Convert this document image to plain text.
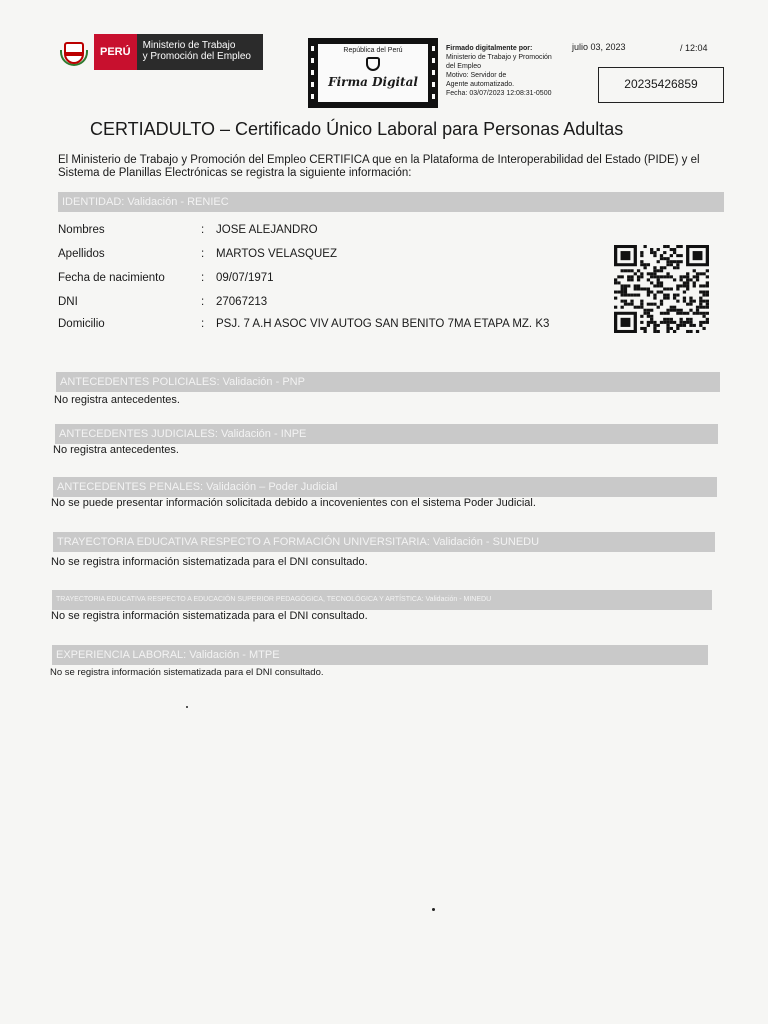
PERÚ
Ministerio de Trabajo
y Promoción del Empleo
República del Perú
Firma Digital
Firmado digitalmente por:
Ministerio de Trabajo y Promoción
del Empleo
Motivo: Servidor de
Agente automatizado.
Fecha: 03/07/2023 12:08:31-0500
julio 03, 2023	/ 12:04
20235426859
CERTIADULTO – Certificado Único Laboral para Personas Adultas
El Ministerio de Trabajo y Promoción del Empleo CERTIFICA que en la Plataforma de Interoperabilidad del Estado (PIDE) y el Sistema de Planillas Electrónicas se registra la siguiente información:
IDENTIDAD: Validación - RENIEC
Nombres	: JOSE ALEJANDRO
Apellidos	: MARTOS VELASQUEZ
Fecha de nacimiento	: 09/07/1971
DNI	: 27067213
Domicilio	: PSJ. 7 A.H ASOC VIV AUTOG SAN BENITO 7MA ETAPA MZ. K3
ANTECEDENTES POLICIALES: Validación - PNP
No registra antecedentes.
ANTECEDENTES JUDICIALES: Validación - INPE
No registra antecedentes.
ANTECEDENTES PENALES: Validación – Poder Judicial
No se puede presentar información solicitada debido a incovenientes con el sistema Poder Judicial.
TRAYECTORIA EDUCATIVA RESPECTO A FORMACIÓN UNIVERSITARIA: Validación - SUNEDU
No se registra información sistematizada para el DNI consultado.
TRAYECTORIA EDUCATIVA RESPECTO A EDUCACIÓN SUPERIOR PEDAGÓGICA, TECNOLÓGICA Y ARTÍSTICA: Validación - MINEDU
No se registra información sistematizada para el DNI consultado.
EXPERIENCIA LABORAL: Validación - MTPE
No se registra información sistematizada para el DNI consultado.
